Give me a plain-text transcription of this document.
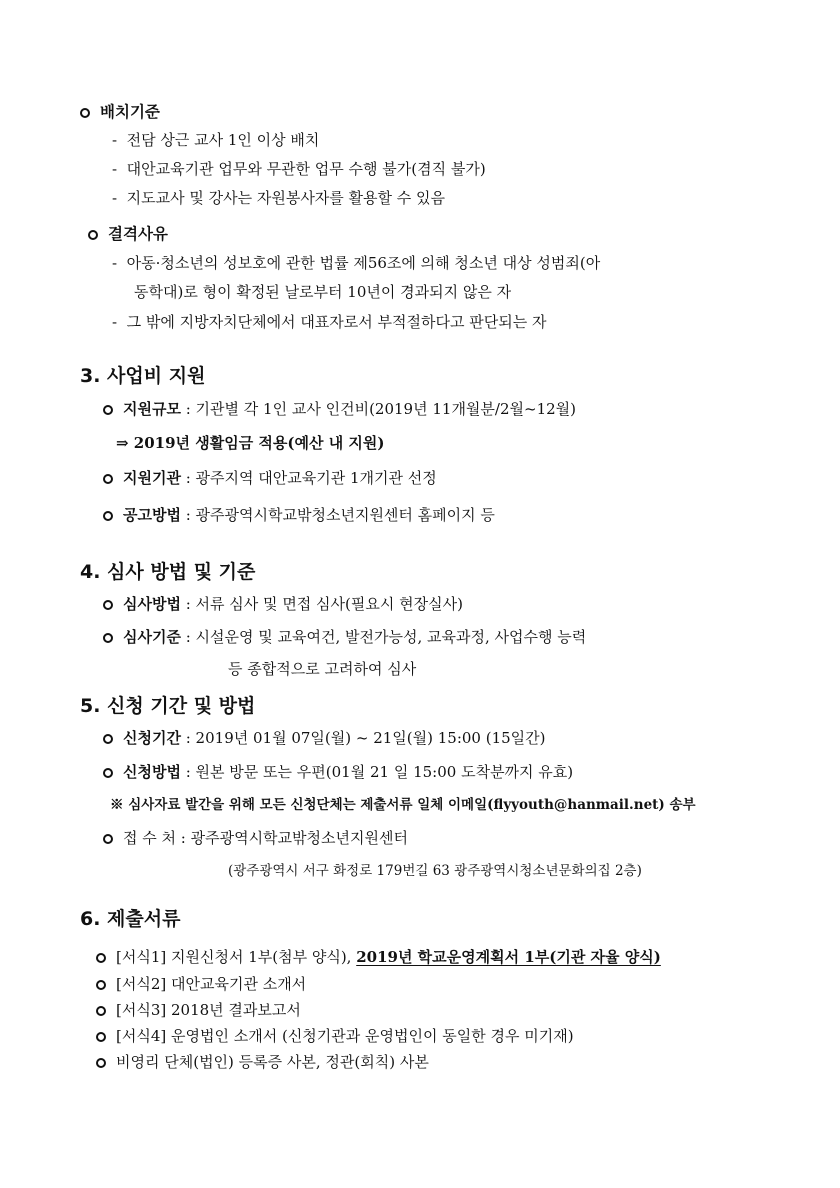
배치기준
- 전담 상근 교사 1인 이상 배치
- 대안교육기관 업무와 무관한 업무 수행 불가(겸직 불가)
- 지도교사 및 강사는 자원봉사자를 활용할 수 있음
결격사유
- 아동·청소년의 성보호에 관한 법률 제56조에 의해 청소년 대상 성범죄(아
동학대)로 형이 확정된 날로부터 10년이 경과되지 않은 자
- 그 밖에 지방자치단체에서 대표자로서 부적절하다고 판단되는 자
3. 사업비 지원
지원규모 : 기관별 각 1인 교사 인건비(2019년 11개월분/2월~12월)
⇒ 2019년 생활임금 적용(예산 내 지원)
지원기관 : 광주지역 대안교육기관 1개기관 선정
공고방법 : 광주광역시학교밖청소년지원센터 홈페이지 등
4. 심사 방법 및 기준
심사방법 : 서류 심사 및 면접 심사(필요시 현장실사)
심사기준 : 시설운영 및 교육여건, 발전가능성, 교육과정, 사업수행 능력
등 종합적으로 고려하여 심사
5. 신청 기간 및 방법
신청기간 : 2019년 01월 07일(월) ~ 21일(월) 15:00 (15일간)
신청방법 : 원본 방문 또는 우편(01월 21 일 15:00 도착분까지 유효)
※ 심사자료 발간을 위해 모든 신청단체는 제출서류 일체 이메일(flyyouth@hanmail.net) 송부
접 수 처 : 광주광역시학교밖청소년지원센터
(광주광역시 서구 화정로 179번길 63 광주광역시청소년문화의집 2층)
6. 제출서류
[서식1] 지원신청서 1부(첨부 양식), 2019년 학교운영계획서 1부(기관 자율 양식)
[서식2] 대안교육기관 소개서
[서식3] 2018년 결과보고서
[서식4] 운영법인 소개서 (신청기관과 운영법인이 동일한 경우 미기재)
비영리 단체(법인) 등록증 사본, 정관(회칙) 사본
